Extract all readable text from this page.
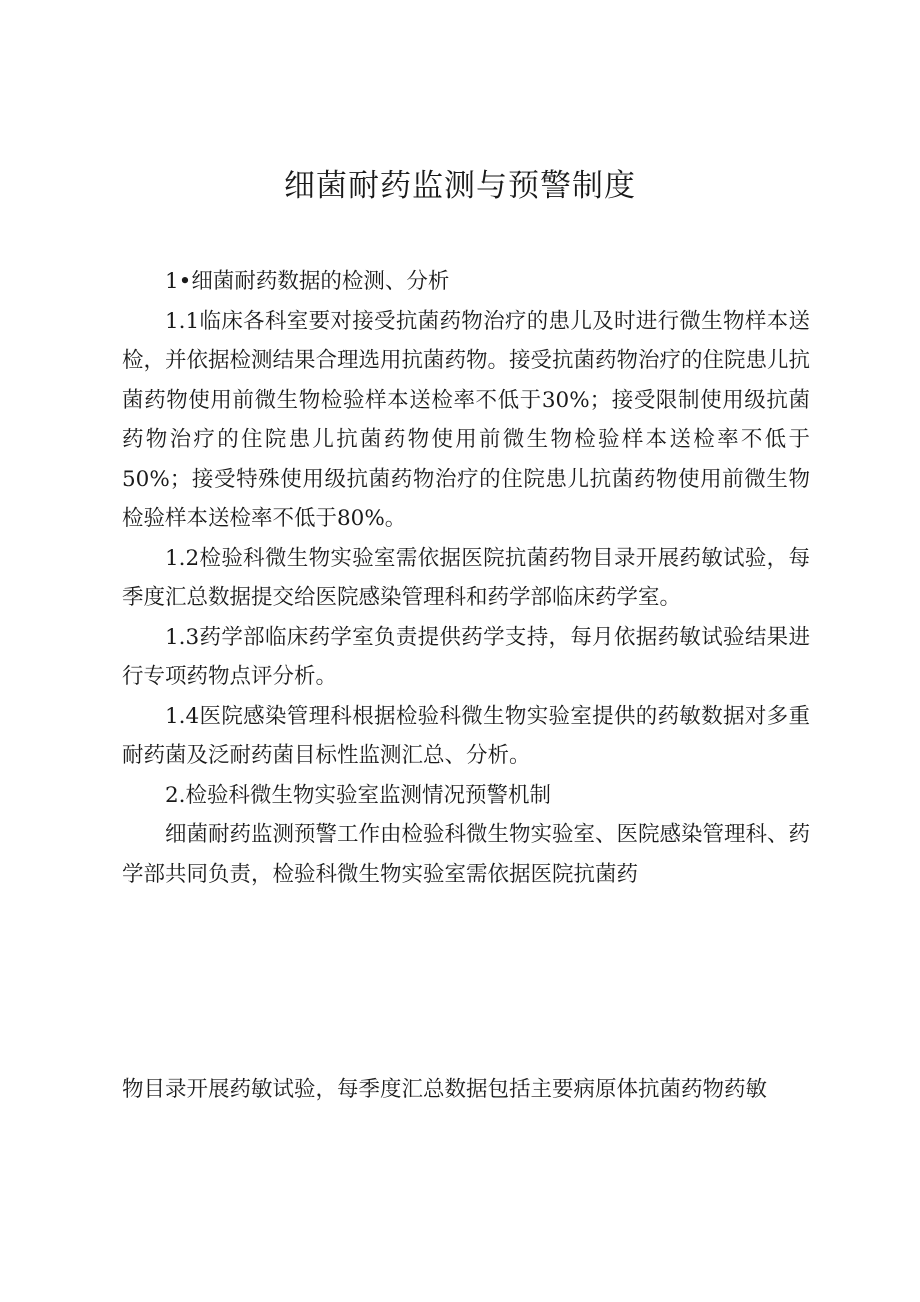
细菌耐药监测与预警制度

1•细菌耐药数据的检测、分析

1.1临床各科室要对接受抗菌药物治疗的患儿及时进行微生物样本送检，并依据检测结果合理选用抗菌药物。接受抗菌药物治疗的住院患儿抗菌药物使用前微生物检验样本送检率不低于30%；接受限制使用级抗菌药物治疗的住院患儿抗菌药物使用前微生物检验样本送检率不低于50%；接受特殊使用级抗菌药物治疗的住院患儿抗菌药物使用前微生物检验样本送检率不低于80%。

1.2检验科微生物实验室需依据医院抗菌药物目录开展药敏试验，每季度汇总数据提交给医院感染管理科和药学部临床药学室。

1.3药学部临床药学室负责提供药学支持，每月依据药敏试验结果进行专项药物点评分析。

1.4医院感染管理科根据检验科微生物实验室提供的药敏数据对多重耐药菌及泛耐药菌目标性监测汇总、分析。

2.检验科微生物实验室监测情况预警机制

细菌耐药监测预警工作由检验科微生物实验室、医院感染管理科、药学部共同负责，检验科微生物实验室需依据医院抗菌药

物目录开展药敏试验，每季度汇总数据包括主要病原体抗菌药物药敏
